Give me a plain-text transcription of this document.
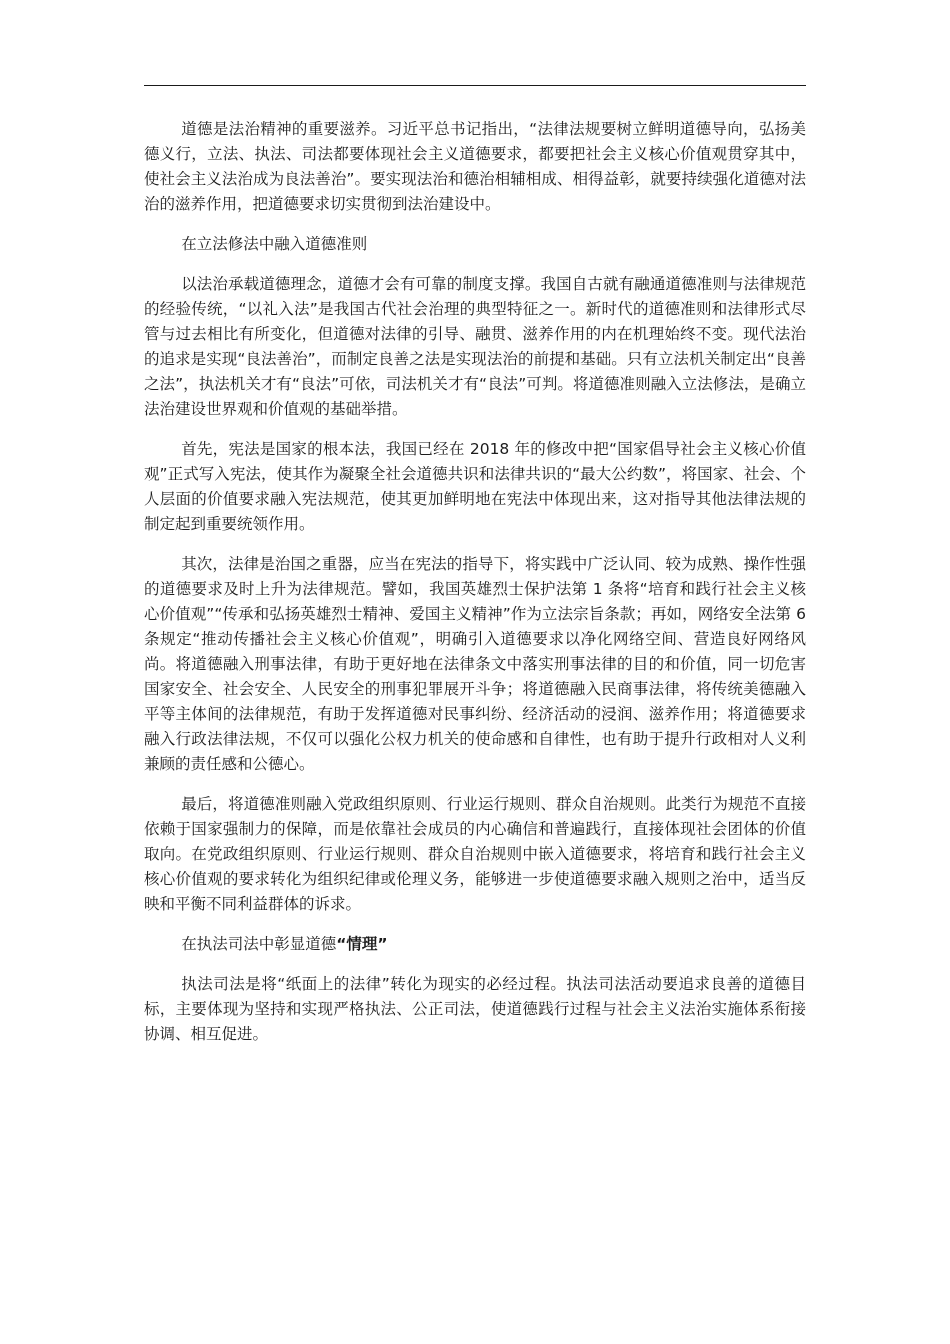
道德是法治精神的重要滋养。习近平总书记指出，“法律法规要树立鲜明道德导向，弘扬美德义行，立法、执法、司法都要体现社会主义道德要求，都要把社会主义核心价值观贯穿其中，使社会主义法治成为良法善治”。要实现法治和德治相辅相成、相得益彰，就要持续强化道德对法治的滋养作用，把道德要求切实贯彻到法治建设中。

在立法修法中融入道德准则

以法治承载道德理念，道德才会有可靠的制度支撑。我国自古就有融通道德准则与法律规范的经验传统，“以礼入法”是我国古代社会治理的典型特征之一。新时代的道德准则和法律形式尽管与过去相比有所变化，但道德对法律的引导、融贯、滋养作用的内在机理始终不变。现代法治的追求是实现“良法善治”，而制定良善之法是实现法治的前提和基础。只有立法机关制定出“良善之法”，执法机关才有“良法”可依，司法机关才有“良法”可判。将道德准则融入立法修法，是确立法治建设世界观和价值观的基础举措。

首先，宪法是国家的根本法，我国已经在 2018 年的修改中把“国家倡导社会主义核心价值观”正式写入宪法，使其作为凝聚全社会道德共识和法律共识的“最大公约数”，将国家、社会、个人层面的价值要求融入宪法规范，使其更加鲜明地在宪法中体现出来，这对指导其他法律法规的制定起到重要统领作用。

其次，法律是治国之重器，应当在宪法的指导下，将实践中广泛认同、较为成熟、操作性强的道德要求及时上升为法律规范。譬如，我国英雄烈士保护法第 1 条将“培育和践行社会主义核心价值观”“传承和弘扬英雄烈士精神、爱国主义精神”作为立法宗旨条款；再如，网络安全法第 6 条规定“推动传播社会主义核心价值观”，明确引入道德要求以净化网络空间、营造良好网络风尚。将道德融入刑事法律，有助于更好地在法律条文中落实刑事法律的目的和价值，同一切危害国家安全、社会安全、人民安全的刑事犯罪展开斗争；将道德融入民商事法律，将传统美德融入平等主体间的法律规范，有助于发挥道德对民事纠纷、经济活动的浸润、滋养作用；将道德要求融入行政法律法规，不仅可以强化公权力机关的使命感和自律性，也有助于提升行政相对人义利兼顾的责任感和公德心。

最后，将道德准则融入党政组织原则、行业运行规则、群众自治规则。此类行为规范不直接依赖于国家强制力的保障，而是依靠社会成员的内心确信和普遍践行，直接体现社会团体的价值取向。在党政组织原则、行业运行规则、群众自治规则中嵌入道德要求，将培育和践行社会主义核心价值观的要求转化为组织纪律或伦理义务，能够进一步使道德要求融入规则之治中，适当反映和平衡不同利益群体的诉求。

在执法司法中彰显道德“情理”

执法司法是将“纸面上的法律”转化为现实的必经过程。执法司法活动要追求良善的道德目标，主要体现为坚持和实现严格执法、公正司法，使道德践行过程与社会主义法治实施体系衔接协调、相互促进。
